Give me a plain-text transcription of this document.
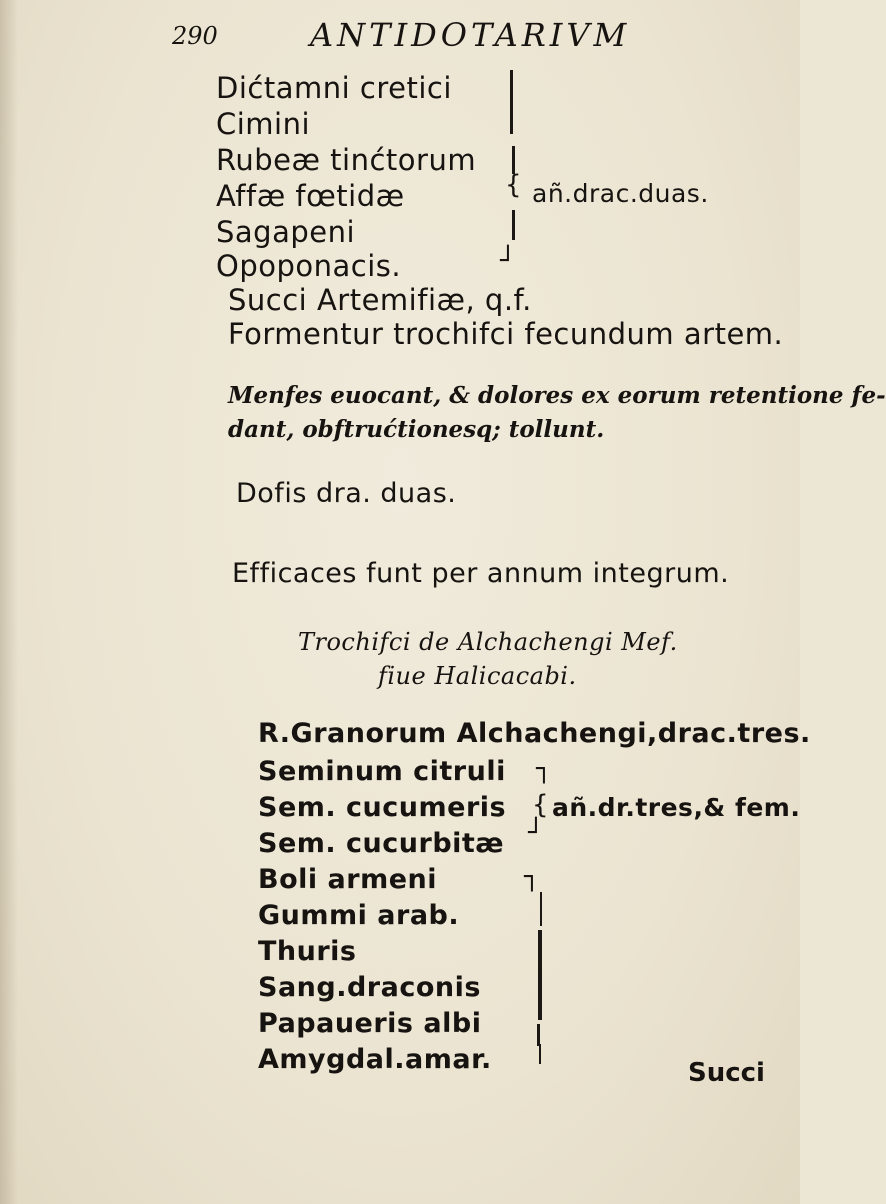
290	ANTIDOTARIVM
Dićtamni cretici
Cimini
Rubeæ tinćtorum
Affæ fœtidæ
Sagapeni
Opoponacis.
{
┘
añ.drac.duas.
Succi Artemifiæ, q.f.
Formentur trochifci fecundum artem.
Menfes euocant, & dolores ex eorum retentione fe-
dant, obftrućtionesq; tollunt.
Dofis dra. duas.
Efficaces funt per annum integrum.
Trochifci de Alchachengi Mef.
fiue Halicacabi.
R.Granorum Alchachengi,drac.tres.
Seminum citruli
Sem. cucumeris
Sem. cucurbitæ
┐
{
┘
añ.dr.tres,& fem.
Boli armeni
Gummi arab.
Thuris
Sang.draconis
Papaueris albi
Amygdal.amar.
┐
Succi
